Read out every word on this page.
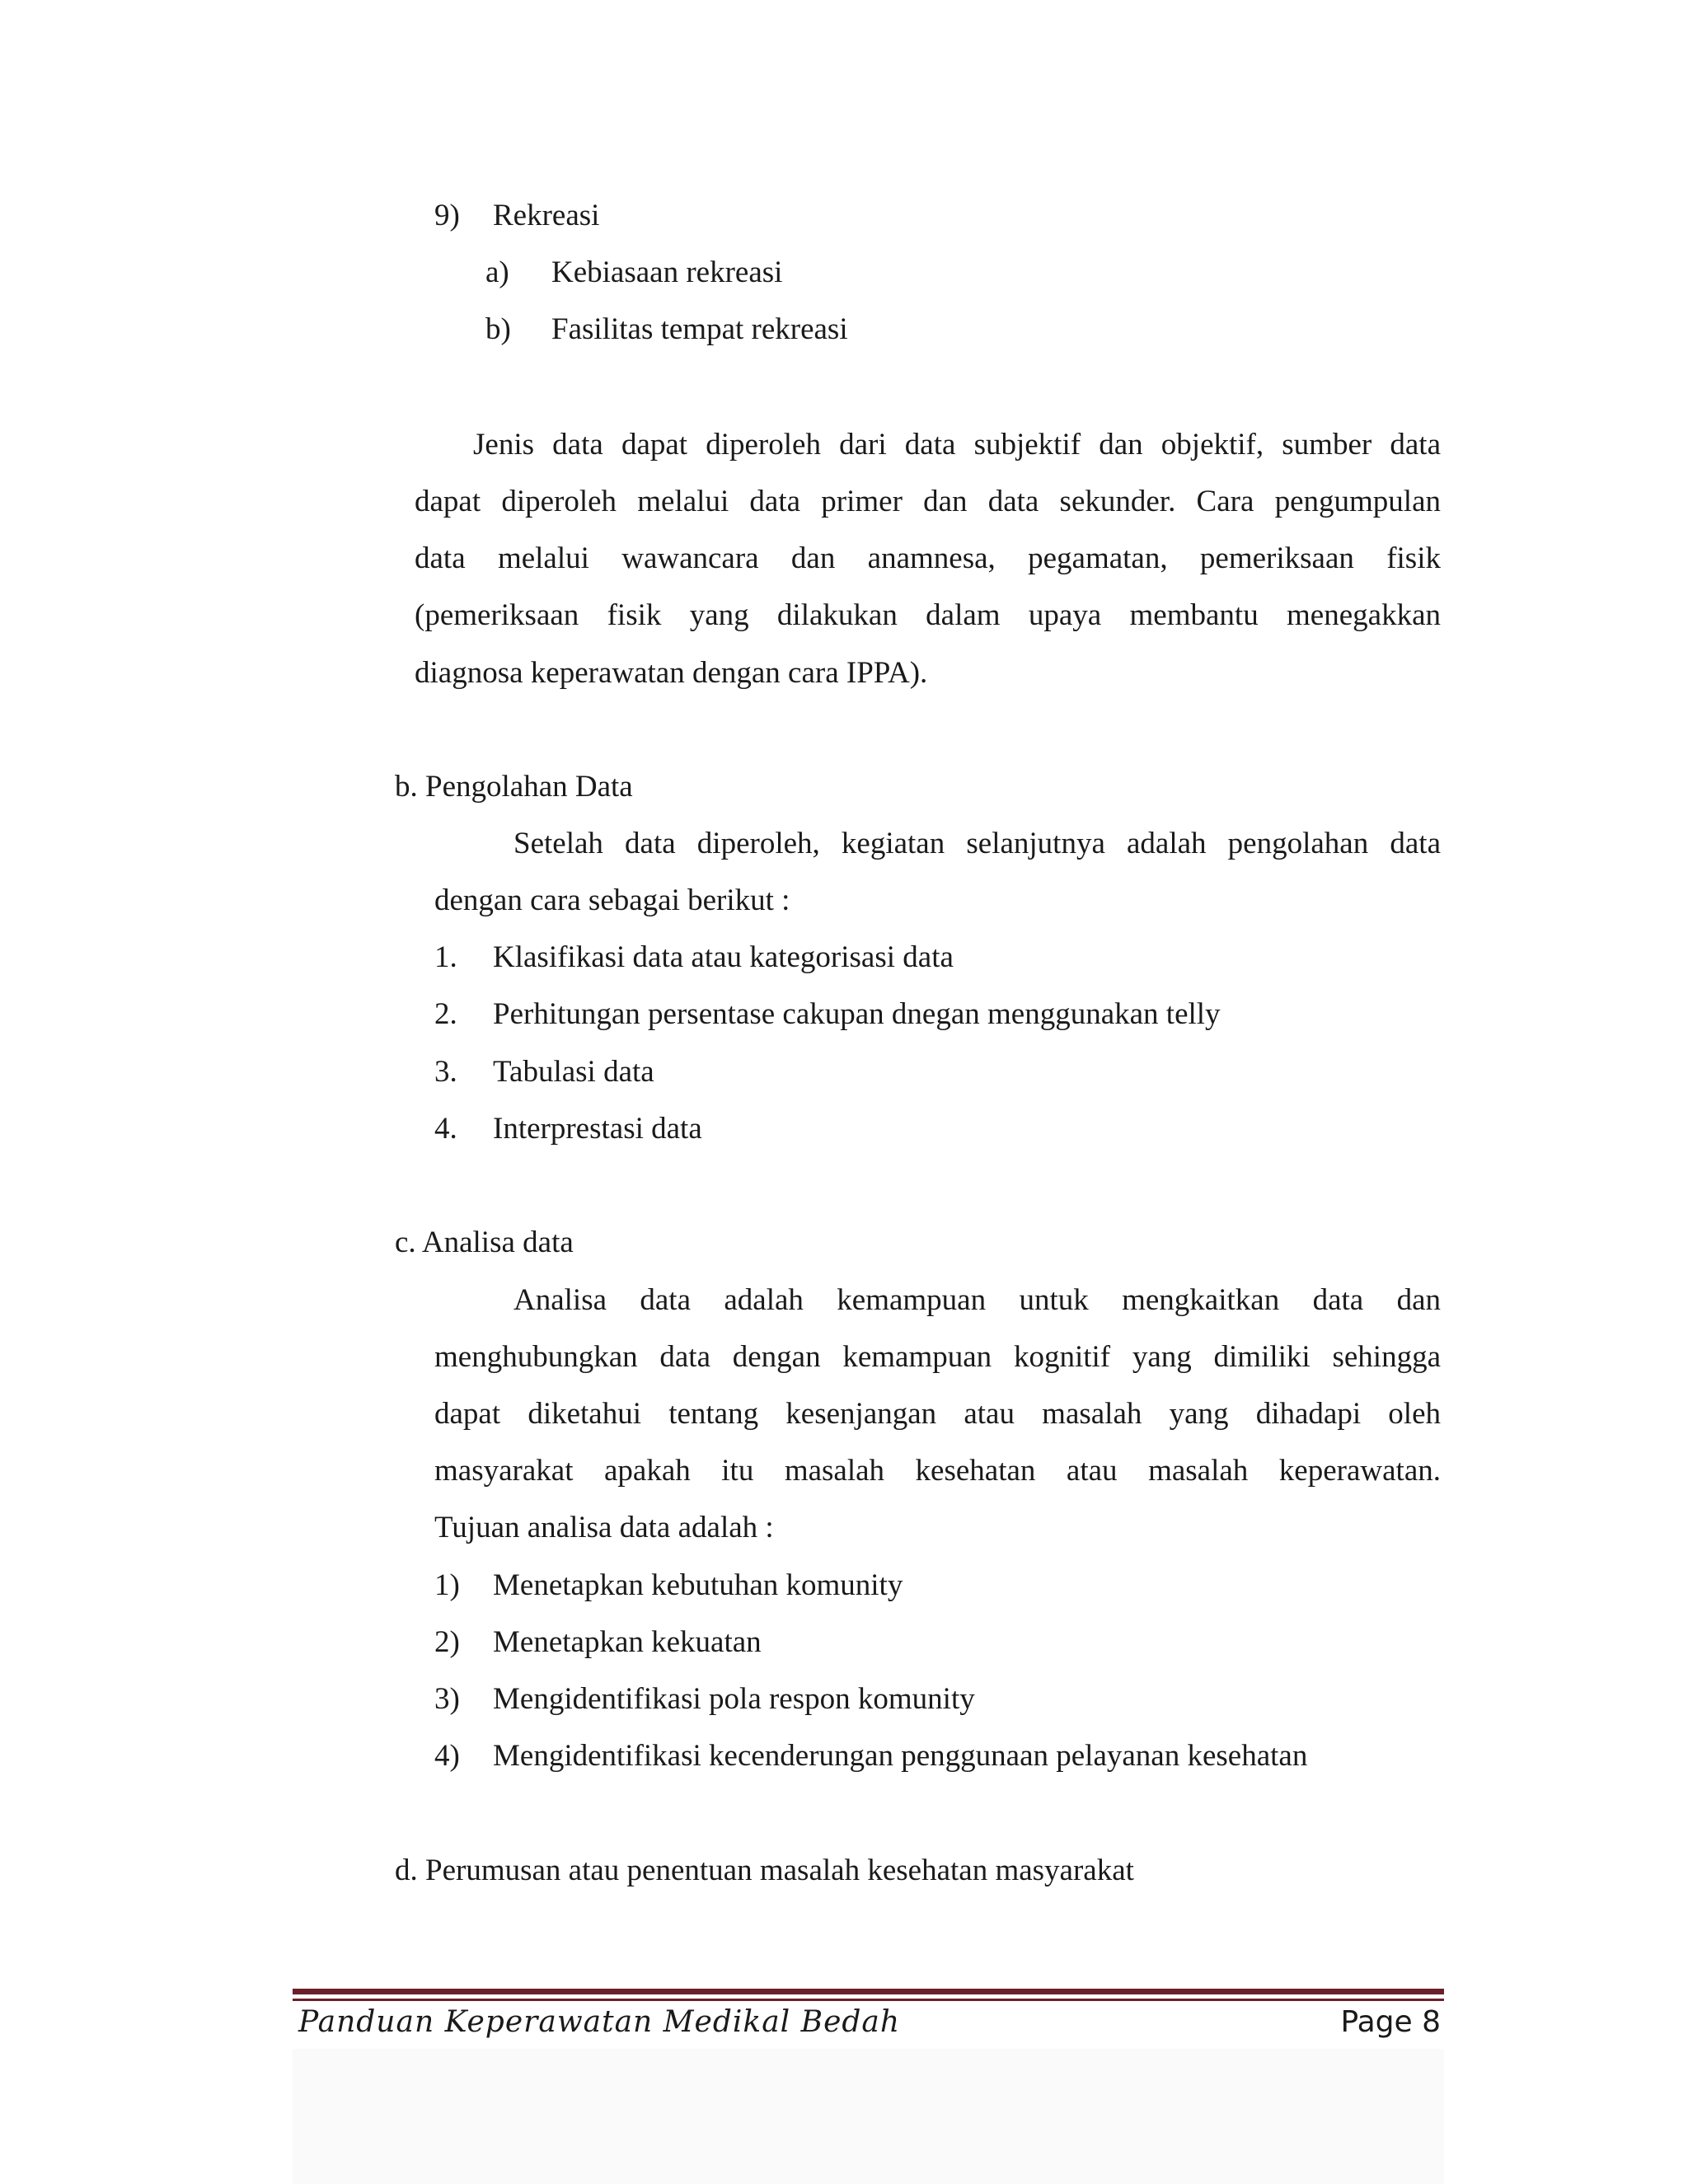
9) Rekreasi
a) Kebiasaan rekreasi
b) Fasilitas tempat rekreasi
Jenis data dapat diperoleh dari data subjektif dan objektif, sumber data
dapat diperoleh melalui data primer dan data sekunder. Cara pengumpulan
data melalui wawancara dan anamnesa, pegamatan, pemeriksaan fisik
(pemeriksaan fisik yang dilakukan dalam upaya membantu menegakkan
diagnosa keperawatan dengan cara IPPA).
b. Pengolahan Data
Setelah data diperoleh, kegiatan selanjutnya adalah pengolahan data
dengan cara sebagai berikut :
1. Klasifikasi data atau kategorisasi data
2. Perhitungan persentase cakupan dnegan menggunakan telly
3. Tabulasi data
4. Interprestasi data
c. Analisa data
Analisa data adalah kemampuan untuk mengkaitkan data dan
menghubungkan data dengan kemampuan kognitif yang dimiliki sehingga
dapat diketahui tentang kesenjangan atau masalah yang dihadapi oleh
masyarakat apakah itu masalah kesehatan atau masalah keperawatan.
Tujuan analisa data adalah :
1) Menetapkan kebutuhan komunity
2) Menetapkan kekuatan
3) Mengidentifikasi pola respon komunity
4) Mengidentifikasi kecenderungan penggunaan pelayanan kesehatan
d. Perumusan atau penentuan masalah kesehatan masyarakat
Panduan Keperawatan Medikal Bedah	Page 8
